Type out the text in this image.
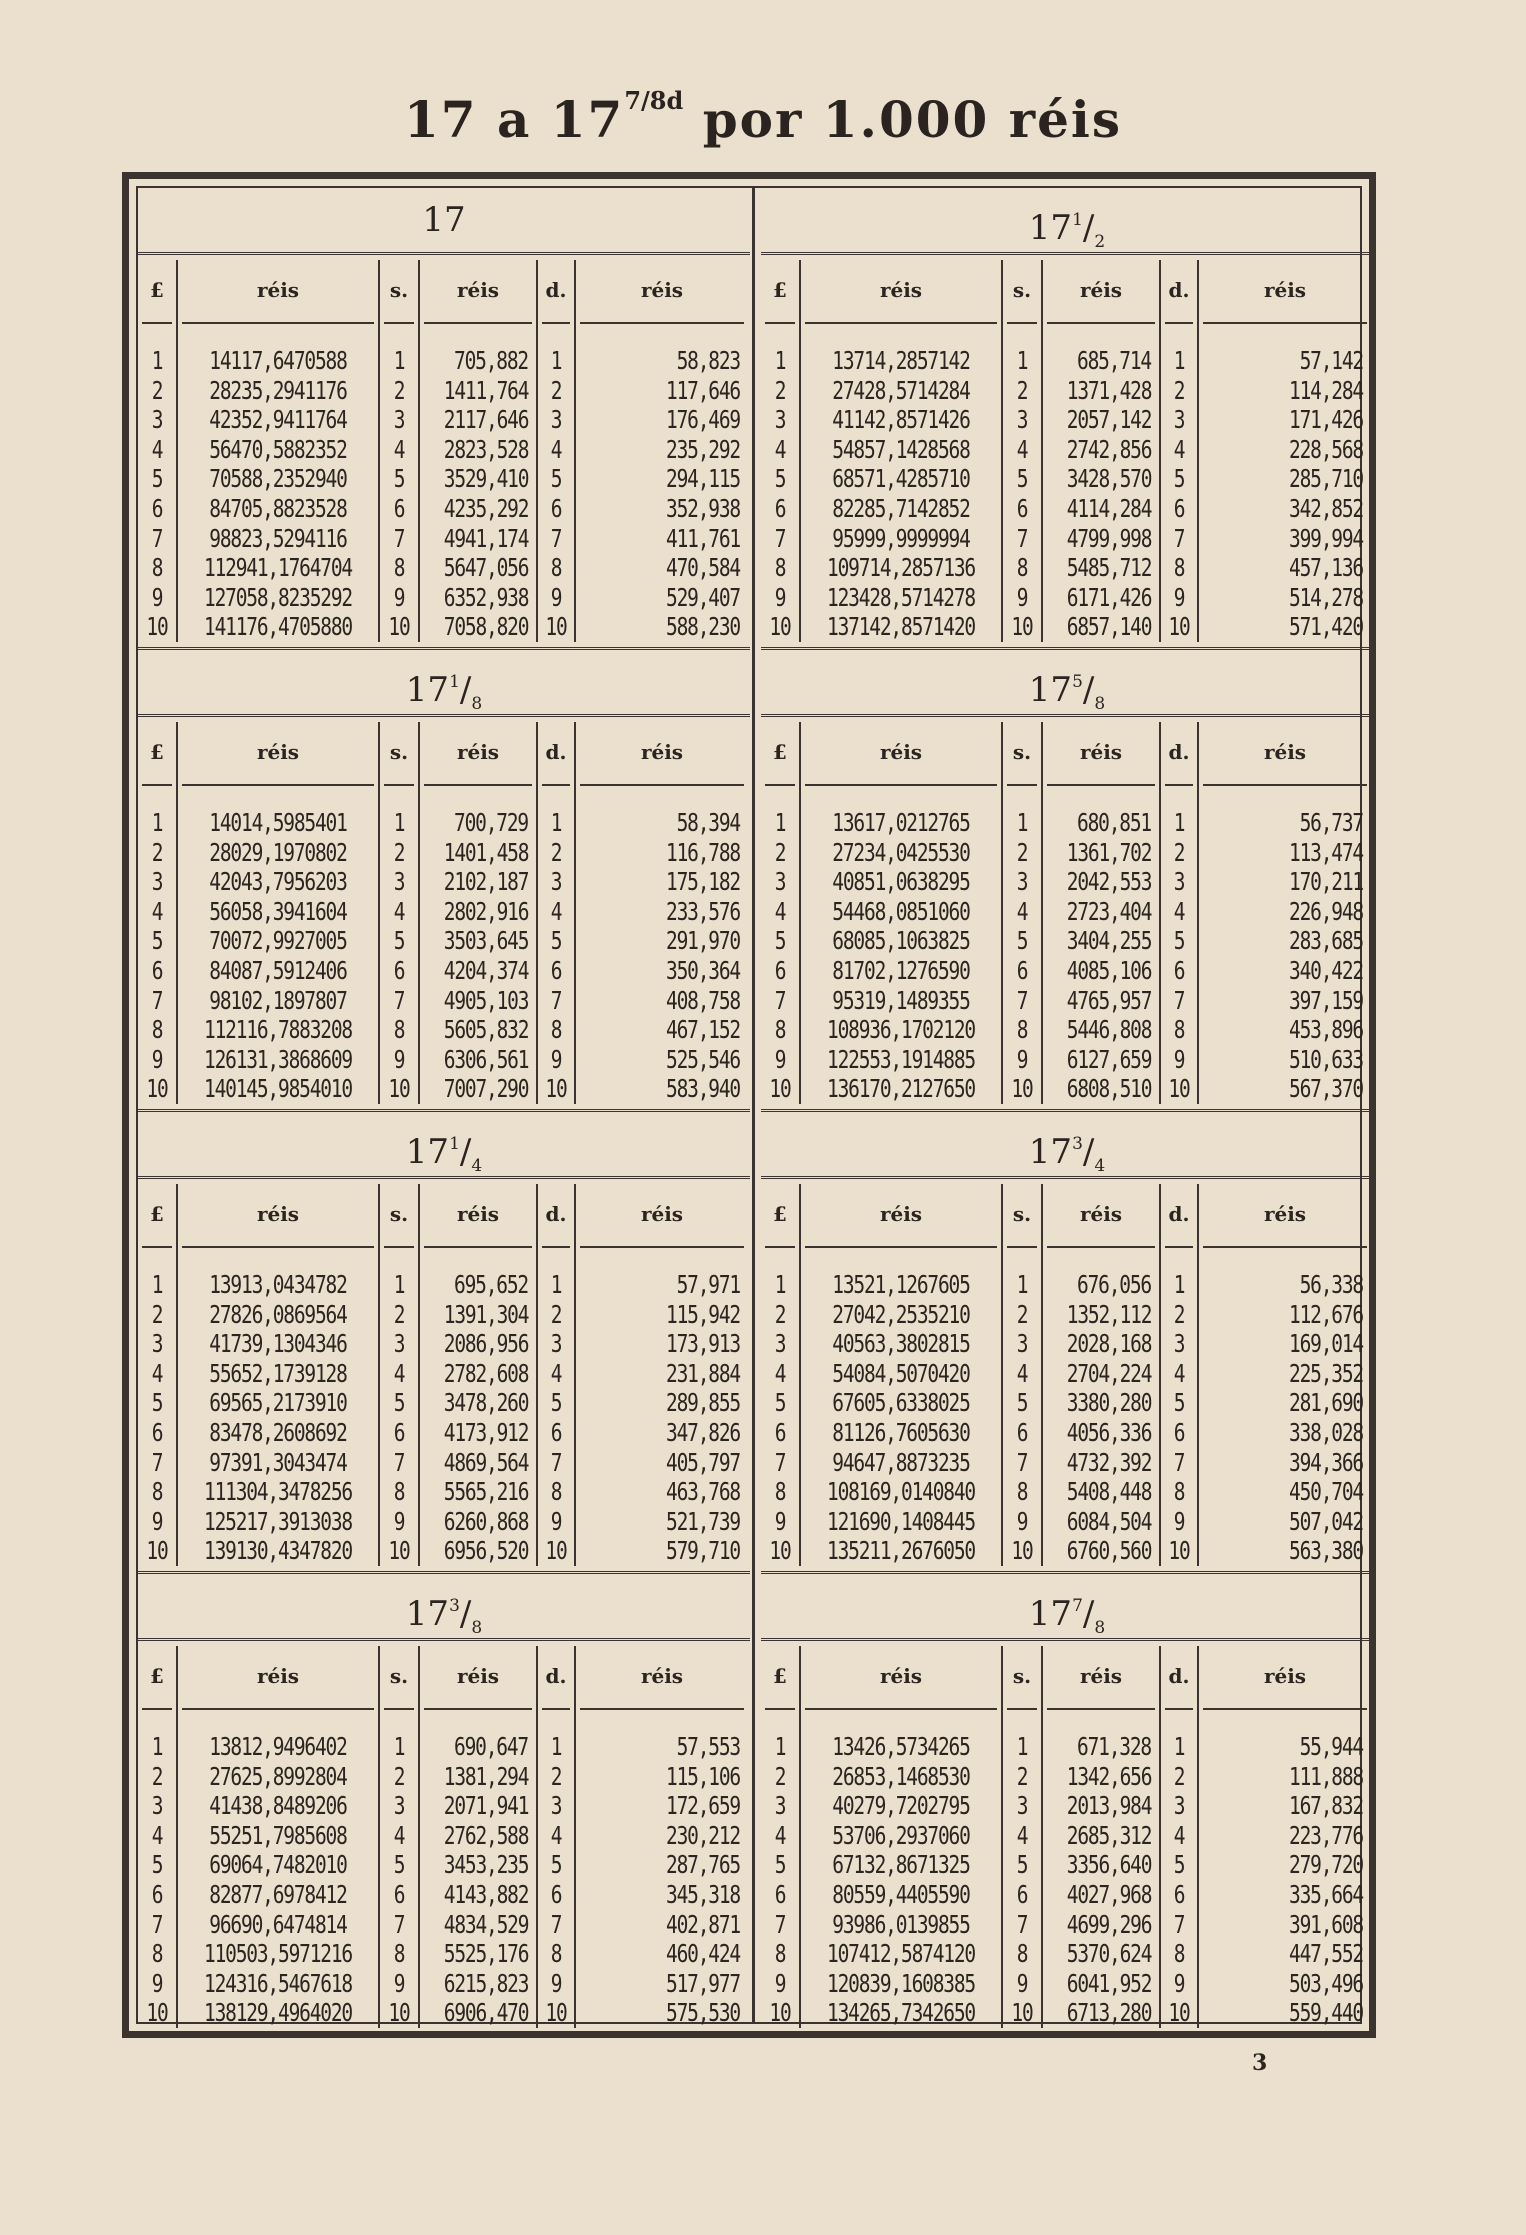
17 a $17^{7/8d}$ por 1.000 réis
17
£	réis	s.	réis	d.	réis
1	14117,6470588	1	705,882 1	58,823
2	28235,2941176	2	1411,764 2	117,646
3	42352,9411764	3	2117,646 3	176,469
4	56470,5882352	4	2823,528 4	235,292
5	70588,2352940	5	3529,410 5	294,115
6	84705,8823528	6	4235,292 6	352,938
7	98823,5294116	7	4941,174 7	411,761
8	112941,1764704	8	5647,056 8	470,584
9	127058,8235292	9	6352,938 9	529,407
10 141176,4705880 10 7058,820 10	588,230
$17^1/_2$
£	réis	s.	réis	d.	réis
1	13714,2857142	1	685,714 1	57,142
2	27428,5714284	2	1371,428 2	114,284
3	41142,8571426	3	2057,142 3	171,426
4	54857,1428568	4	2742,856 4	228,568
5	68571,4285710	5	3428,570 5	285,710
6	82285,7142852	6	4114,284 6	342,852
7	95999,9999994	7	4799,998 7	399,994
8	109714,2857136	8	5485,712 8	457,136
9	123428,5714278	9	6171,426 9	514,278
10 137142,8571420 10 6857,140 10	571,420
$17^1/_8$
£	réis	s.	réis	d.	réis
1	14014,5985401	1	700,729 1	58,394
2	28029,1970802	2	1401,458 2	116,788
3	42043,7956203	3	2102,187 3	175,182
4	56058,3941604	4	2802,916 4	233,576
5	70072,9927005	5	3503,645 5	291,970
6	84087,5912406	6	4204,374 6	350,364
7	98102,1897807	7	4905,103 7	408,758
8	112116,7883208	8	5605,832 8	467,152
9	126131,3868609	9	6306,561 9	525,546
10 140145,9854010 10 7007,290 10	583,940
$17^5/_8$
£	réis	s.	réis	d.	réis
1	13617,0212765	1	680,851 1	56,737
2	27234,0425530	2	1361,702 2	113,474
3	40851,0638295	3	2042,553 3	170,211
4	54468,0851060	4	2723,404 4	226,948
5	68085,1063825	5	3404,255 5	283,685
6	81702,1276590	6	4085,106 6	340,422
7	95319,1489355	7	4765,957 7	397,159
8	108936,1702120	8	5446,808 8	453,896
9	122553,1914885	9	6127,659 9	510,633
10 136170,2127650 10 6808,510 10	567,370
$17^1/_4$
£	réis	s.	réis	d.	réis
1	13913,0434782	1	695,652 1	57,971
2	27826,0869564	2	1391,304 2	115,942
3	41739,1304346	3	2086,956 3	173,913
4	55652,1739128	4	2782,608 4	231,884
5	69565,2173910	5	3478,260 5	289,855
6	83478,2608692	6	4173,912 6	347,826
7	97391,3043474	7	4869,564 7	405,797
8	111304,3478256	8	5565,216 8	463,768
9	125217,3913038	9	6260,868 9	521,739
10 139130,4347820 10 6956,520 10	579,710
$17^3/_4$
£	réis	s.	réis	d.	réis
1	13521,1267605	1	676,056 1	56,338
2	27042,2535210	2	1352,112 2	112,676
3	40563,3802815	3	2028,168 3	169,014
4	54084,5070420	4	2704,224 4	225,352
5	67605,6338025	5	3380,280 5	281,690
6	81126,7605630	6	4056,336 6	338,028
7	94647,8873235	7	4732,392 7	394,366
8	108169,0140840	8	5408,448 8	450,704
9	121690,1408445	9	6084,504 9	507,042
10 135211,2676050 10 6760,560 10	563,380
$17^3/_8$
£	réis	s.	réis	d.	réis
1	13812,9496402	1	690,647 1	57,553
2	27625,8992804	2	1381,294 2	115,106
3	41438,8489206	3	2071,941 3	172,659
4	55251,7985608	4	2762,588 4	230,212
5	69064,7482010	5	3453,235 5	287,765
6	82877,6978412	6	4143,882 6	345,318
7	96690,6474814	7	4834,529 7	402,871
8	110503,5971216	8	5525,176 8	460,424
9	124316,5467618	9	6215,823 9	517,977
10 138129,4964020 10 6906,470 10	575,530
$17^7/_8$
£	réis	s.	réis	d.	réis
1	13426,5734265	1	671,328 1	55,944
2	26853,1468530	2	1342,656 2	111,888
3	40279,7202795	3	2013,984 3	167,832
4	53706,2937060	4	2685,312 4	223,776
5	67132,8671325	5	3356,640 5	279,720
6	80559,4405590	6	4027,968 6	335,664
7	93986,0139855	7	4699,296 7	391,608
8	107412,5874120	8	5370,624 8	447,552
9	120839,1608385	9	6041,952 9	503,496
10 134265,7342650 10 6713,280 10	559,440
3
